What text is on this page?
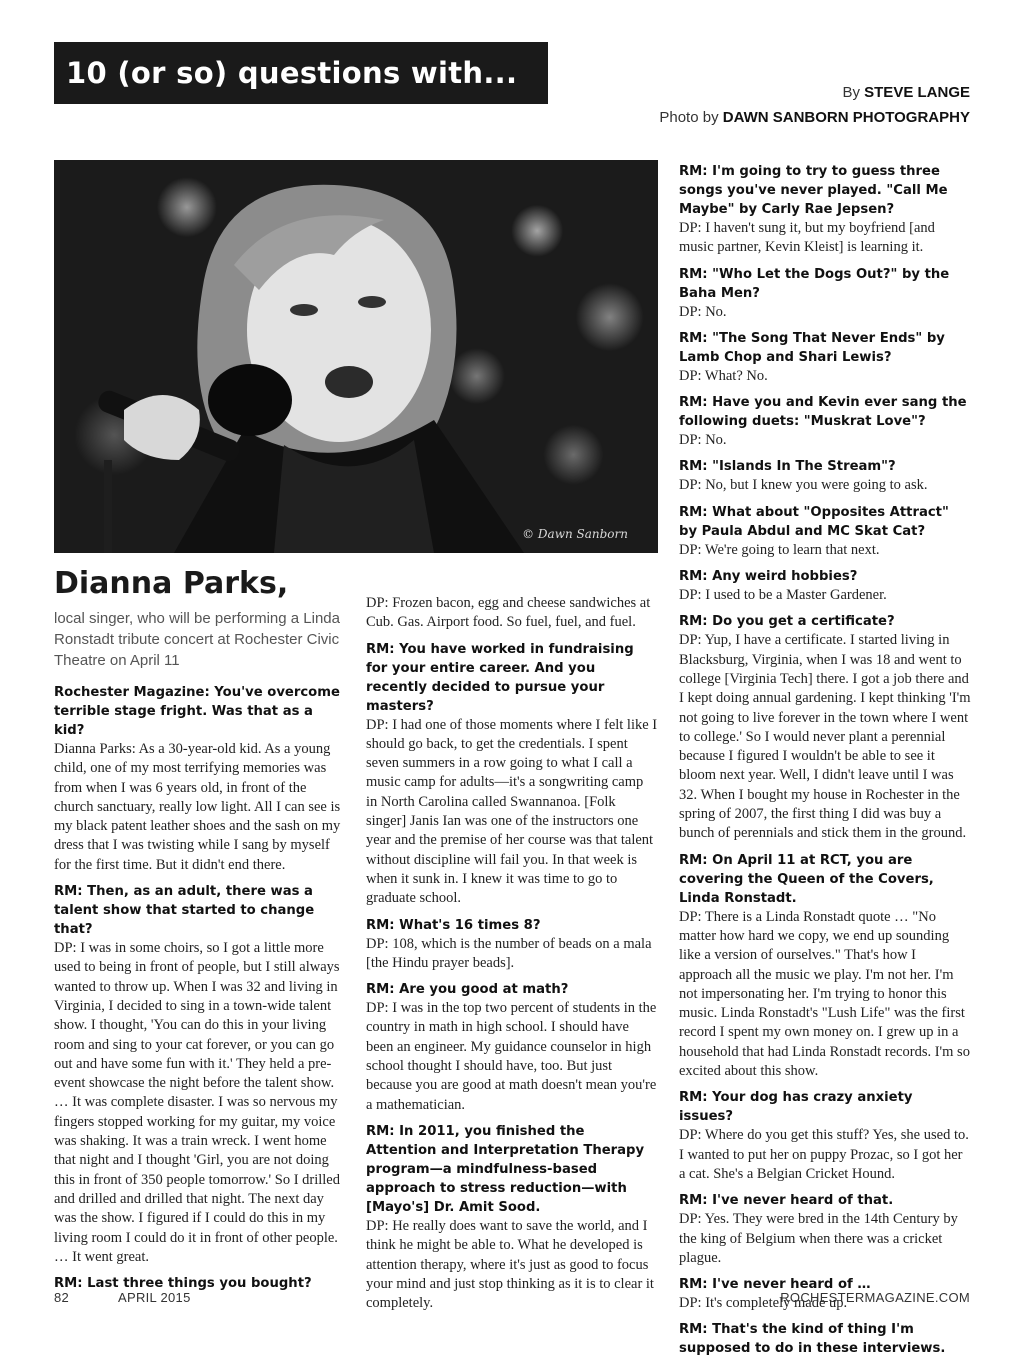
10 (or so) questions with...
By STEVE LANGE
Photo by DAWN SANBORN PHOTOGRAPHY
© Dawn Sanborn
Dianna Parks,
local singer, who will be performing a Linda Ronstadt tribute concert at Rochester Civic Theatre on April 11
Rochester Magazine: You've overcome terrible stage fright. Was that as a kid?
Dianna Parks: As a 30-year-old kid. As a young child, one of my most terrifying memories was from when I was 6 years old, in front of the church sanctuary, really low light. All I can see is my black patent leather shoes and the sash on my dress that I was twisting while I sang by myself for the first time. But it didn't end there.
RM: Then, as an adult, there was a talent show that started to change that?
DP: I was in some choirs, so I got a little more used to being in front of people, but I still always wanted to throw up. When I was 32 and living in Virginia, I decided to sing in a town-wide talent show. I thought, 'You can do this in your living room and sing to your cat forever, or you can go out and have some fun with it.' They held a pre-event showcase the night before the talent show. … It was complete disaster. I was so nervous my fingers stopped working for my guitar, my voice was shaking. It was a train wreck. I went home that night and I thought 'Girl, you are not doing this in front of 350 people tomorrow.' So I drilled and drilled and drilled that night. The next day was the show. I figured if I could do this in my living room I could do it in front of other people. … It went great.
RM: Last three things you bought?
DP: Frozen bacon, egg and cheese sandwiches at Cub. Gas. Airport food. So fuel, fuel, and fuel.
RM: You have worked in fundraising for your entire career. And you recently decided to pursue your masters?
DP: I had one of those moments where I felt like I should go back, to get the credentials. I spent seven summers in a row going to what I call a music camp for adults—it's a songwriting camp in North Carolina called Swannanoa. [Folk singer] Janis Ian was one of the instructors one year and the premise of her course was that talent without discipline will fail you. In that week is when it sunk in. I knew it was time to go to graduate school.
RM: What's 16 times 8?
DP: 108, which is the number of beads on a mala [the Hindu prayer beads].
RM: Are you good at math?
DP: I was in the top two percent of students in the country in math in high school. I should have been an engineer. My guidance counselor in high school thought I should have, too. But just because you are good at math doesn't mean you're a mathematician.
RM: In 2011, you finished the Attention and Interpretation Therapy program—a mindfulness-based approach to stress reduction—with [Mayo's] Dr. Amit Sood.
DP: He really does want to save the world, and I think he might be able to. What he developed is attention therapy, where it's just as good to focus your mind and just stop thinking as it is to clear it completely.
RM: I'm going to try to guess three songs you've never played. "Call Me Maybe" by Carly Rae Jepsen?
DP: I haven't sung it, but my boyfriend [and music partner, Kevin Kleist] is learning it.
RM: "Who Let the Dogs Out?" by the Baha Men?
DP: No.
RM: "The Song That Never Ends" by Lamb Chop and Shari Lewis?
DP: What? No.
RM: Have you and Kevin ever sang the following duets: "Muskrat Love"?
DP: No.
RM: "Islands In The Stream"?
DP: No, but I knew you were going to ask.
RM: What about "Opposites Attract" by Paula Abdul and MC Skat Cat?
DP: We're going to learn that next.
RM: Any weird hobbies?
DP: I used to be a Master Gardener.
RM: Do you get a certificate?
DP: Yup, I have a certificate. I started living in Blacksburg, Virginia, when I was 18 and went to college [Virginia Tech] there. I got a job there and I kept doing annual gardening. I kept thinking 'I'm not going to live forever in the town where I went to college.' So I would never plant a perennial because I figured I wouldn't be able to see it bloom next year. Well, I didn't leave until I was 32. When I bought my house in Rochester in the spring of 2007, the first thing I did was buy a bunch of perennials and stick them in the ground.
RM: On April 11 at RCT, you are covering the Queen of the Covers, Linda Ronstadt.
DP: There is a Linda Ronstadt quote … "No matter how hard we copy, we end up sounding like a version of ourselves." That's how I approach all the music we play. I'm not her. I'm not impersonating her. I'm trying to honor this music. Linda Ronstadt's "Lush Life" was the first record I spent my own money on. I grew up in a household that had Linda Ronstadt records. I'm so excited about this show.
RM: Your dog has crazy anxiety issues?
DP: Where do you get this stuff? Yes, she used to. I wanted to put her on puppy Prozac, so I got her a cat. She's a Belgian Cricket Hound.
RM: I've never heard of that.
DP: Yes. They were bred in the 14th Century by the king of Belgium when there was a cricket plague.
RM: I've never heard of …
DP: It's completely made up.
RM: That's the kind of thing I'm supposed to do in these interviews.
82	APRIL 2015	ROCHESTERMAGAZINE.COM
